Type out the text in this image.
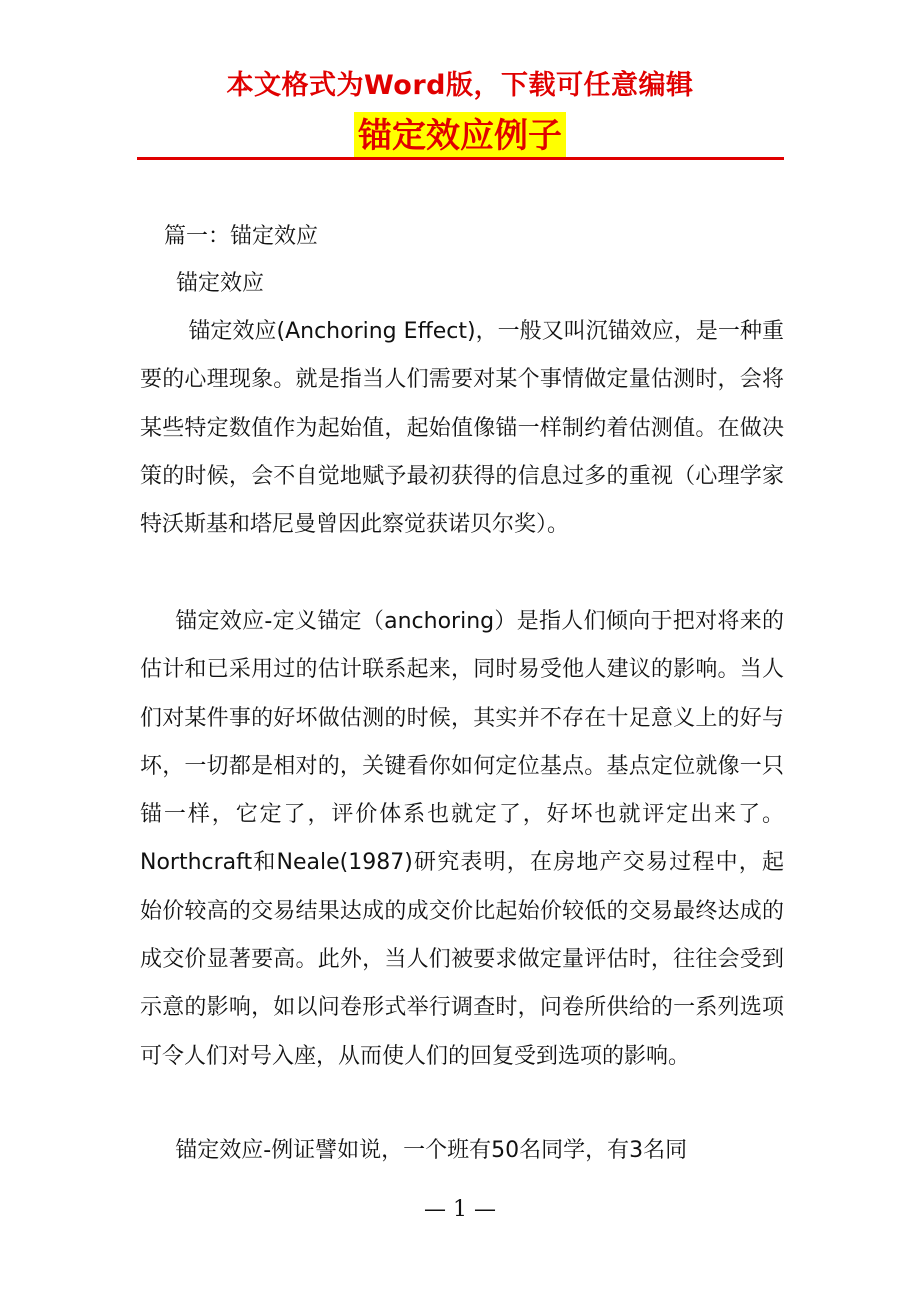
本文格式为Word版，下载可任意编辑
锚定效应例子
篇一：锚定效应
锚定效应

锚定效应(Anchoring Effect)，一般又叫沉锚效应，是一种重要的心理现象。就是指当人们需要对某个事情做定量估测时，会将某些特定数值作为起始值，起始值像锚一样制约着估测值。在做决策的时候，会不自觉地赋予最初获得的信息过多的重视（心理学家特沃斯基和塔尼曼曾因此察觉获诺贝尔奖）。

锚定效应-定义锚定（anchoring）是指人们倾向于把对将来的估计和已采用过的估计联系起来，同时易受他人建议的影响。当人们对某件事的好坏做估测的时候，其实并不存在十足意义上的好与坏，一切都是相对的，关键看你如何定位基点。基点定位就像一只锚一样，它定了，评价体系也就定了，好坏也就评定出来了。Northcraft和Neale(1987)研究表明，在房地产交易过程中，起始价较高的交易结果达成的成交价比起始价较低的交易最终达成的成交价显著要高。此外，当人们被要求做定量评估时，往往会受到示意的影响，如以问卷形式举行调查时，问卷所供给的一系列选项可令人们对号入座，从而使人们的回复受到选项的影响。

锚定效应-例证譬如说，一个班有50名同学，有3名同

— 1 —
